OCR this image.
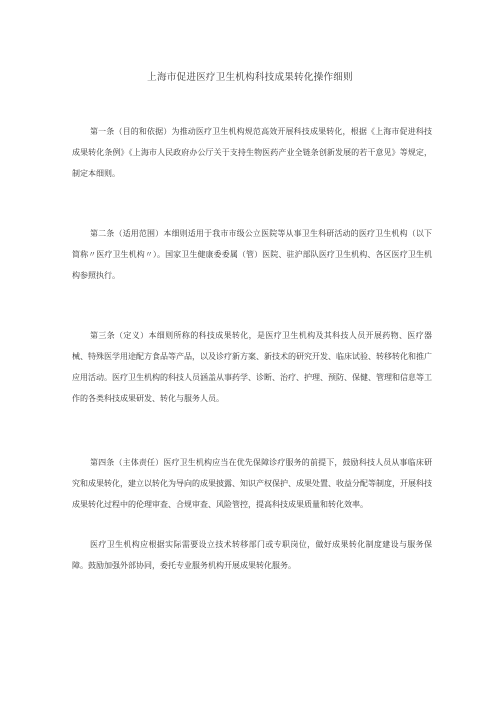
上海市促进医疗卫生机构科技成果转化操作细则
第一条（目的和依据）为推动医疗卫生机构规范高效开展科技成果转化，根据《上海市促进科技成果转化条例》《上海市人民政府办公厅关于支持生物医药产业全链条创新发展的若干意见》等规定，制定本细则。
第二条（适用范围）本细则适用于我市市级公立医院等从事卫生科研活动的医疗卫生机构（以下简称〃医疗卫生机构〃）。国家卫生健康委委属（管）医院、驻沪部队医疗卫生机构、各区医疗卫生机构参照执行。
第三条（定义）本细则所称的科技成果转化，是医疗卫生机构及其科技人员开展药物、医疗器械、特殊医学用途配方食品等产品，以及诊疗新方案、新技术的研究开发、临床试验、转移转化和推广应用活动。医疗卫生机构的科技人员涵盖从事药学、诊断、治疗、护理、预防、保健、管理和信息等工作的各类科技成果研发、转化与服务人员。
第四条（主体责任）医疗卫生机构应当在优先保障诊疗服务的前提下，鼓励科技人员从事临床研究和成果转化，建立以转化为导向的成果披露、知识产权保护、成果处置、收益分配等制度，开展科技成果转化过程中的伦理审查、合规审查、风险管控，提高科技成果质量和转化效率。
医疗卫生机构应根据实际需要设立技术转移部门或专职岗位，做好成果转化制度建设与服务保障。鼓励加强外部协同，委托专业服务机构开展成果转化服务。
